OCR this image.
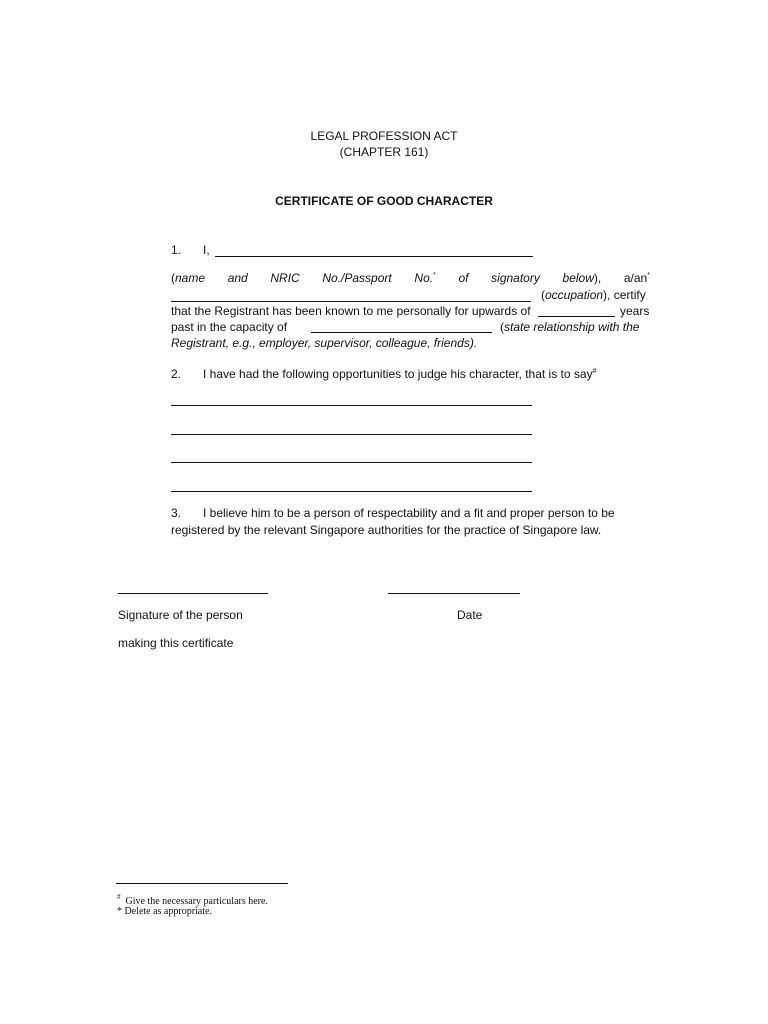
LEGAL PROFESSION ACT
(CHAPTER 161)
CERTIFICATE OF GOOD CHARACTER
1. I,
(name and NRIC No./Passport No.* of signatory below), a/an*
(occupation), certify
that the Registrant has been known to me personally for upwards of	years
past in the capacity of	(state relationship with the
Registrant, e.g., employer, supervisor, colleague, friends).
2. I have had the following opportunities to judge his character, that is to say#
3. I believe him to be a person of respectability and a fit and proper person to be
registered by the relevant Singapore authorities for the practice of Singapore law.
Signature of the person	Date
making this certificate
# Give the necessary particulars here.
* Delete as appropriate.
